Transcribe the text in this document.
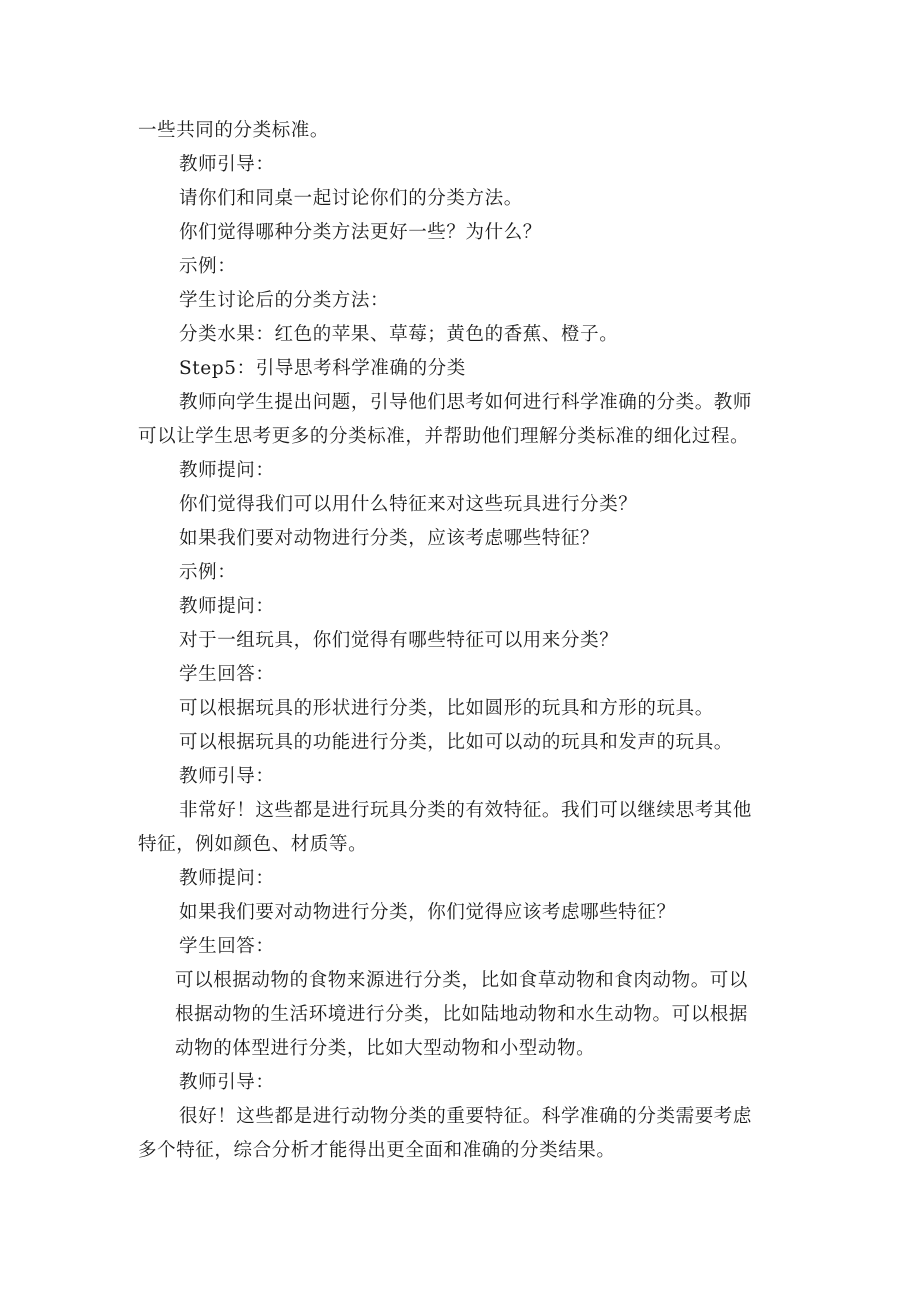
一些共同的分类标准。
教师引导：
请你们和同桌一起讨论你们的分类方法。
你们觉得哪种分类方法更好一些？为什么？
示例：
学生讨论后的分类方法：
分类水果：红色的苹果、草莓；黄色的香蕉、橙子。
Step5：引导思考科学准确的分类
教师向学生提出问题，引导他们思考如何进行科学准确的分类。教师
可以让学生思考更多的分类标准，并帮助他们理解分类标准的细化过程。
教师提问：
你们觉得我们可以用什么特征来对这些玩具进行分类？
如果我们要对动物进行分类，应该考虑哪些特征？
示例：
教师提问：
对于一组玩具，你们觉得有哪些特征可以用来分类？
学生回答：
可以根据玩具的形状进行分类，比如圆形的玩具和方形的玩具。
可以根据玩具的功能进行分类，比如可以动的玩具和发声的玩具。
教师引导：
非常好！这些都是进行玩具分类的有效特征。我们可以继续思考其他
特征，例如颜色、材质等。
教师提问：
如果我们要对动物进行分类，你们觉得应该考虑哪些特征？
学生回答：
可以根据动物的食物来源进行分类，比如食草动物和食肉动物。可以
根据动物的生活环境进行分类，比如陆地动物和水生动物。可以根据
动物的体型进行分类，比如大型动物和小型动物。
教师引导：
很好！这些都是进行动物分类的重要特征。科学准确的分类需要考虑
多个特征，综合分析才能得出更全面和准确的分类结果。
